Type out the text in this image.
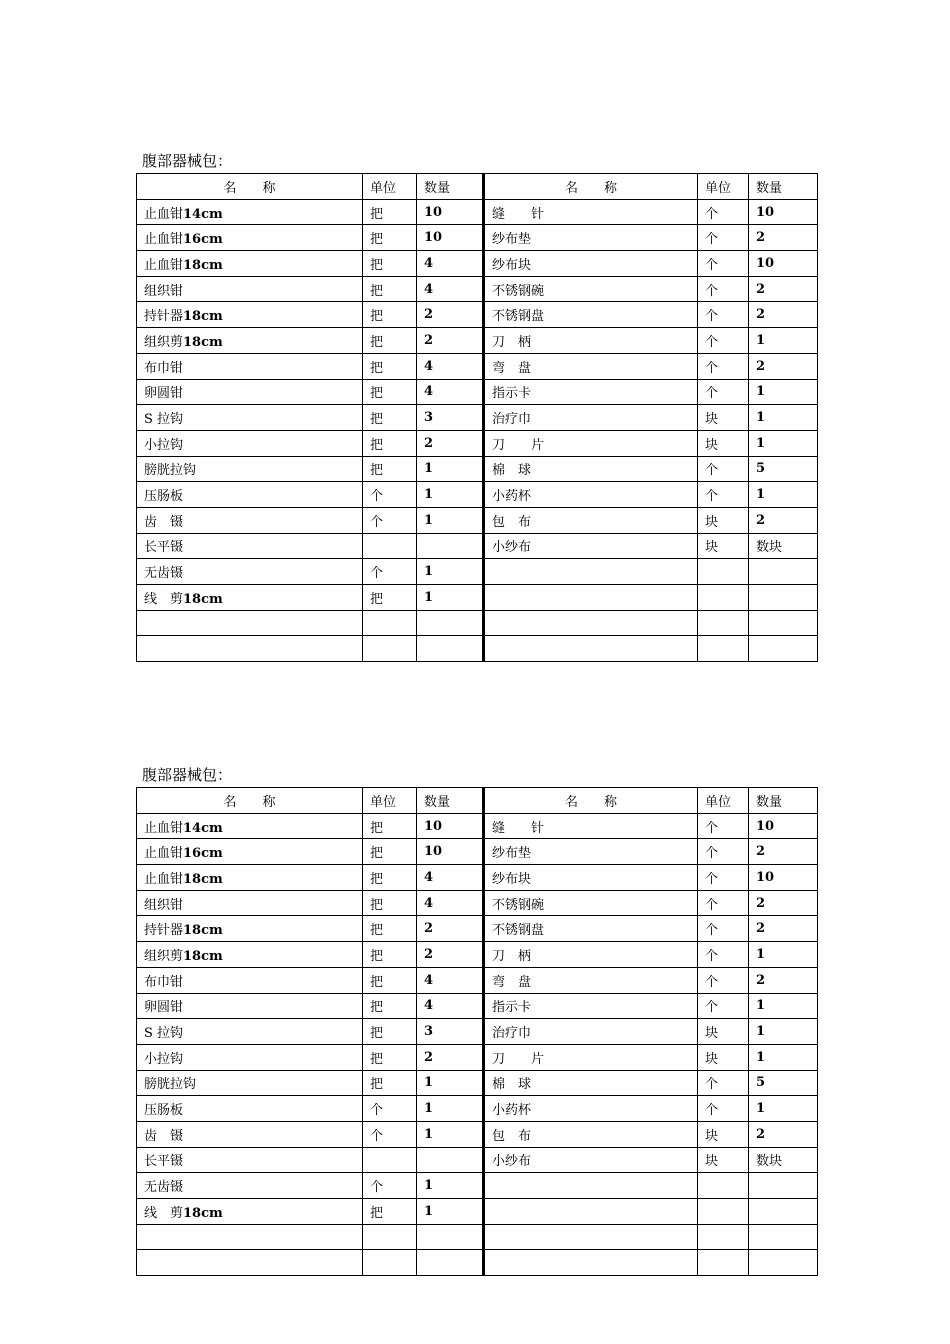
腹部器械包：
名　　称	单位	数量	名　　称	单位	数量
止血钳14cm	把	10	缝　　针	个	10
止血钳16cm	把	10	纱布垫	个	2
止血钳18cm	把	4	纱布块	个	10
组织钳	把	4	不锈钢碗	个	2
持针器18cm	把	2	不锈钢盘	个	2
组织剪18cm	把	2	刀　柄	个	1
布巾钳	把	4	弯　盘	个	2
卵圆钳	把	4	指示卡	个	1
S 拉钩	把	3	治疗巾	块	1
小拉钩	把	2	刀　　片	块	1
膀胱拉钩	把	1	棉　球	个	5
压肠板	个	1	小药杯	个	1
齿　镊	个	1	包　布	块	2
长平镊			小纱布	块	数块
无齿镊	个	1			
线　剪18cm	把	1			

腹部器械包：
名　　称	单位	数量	名　　称	单位	数量
止血钳14cm	把	10	缝　　针	个	10
止血钳16cm	把	10	纱布垫	个	2
止血钳18cm	把	4	纱布块	个	10
组织钳	把	4	不锈钢碗	个	2
持针器18cm	把	2	不锈钢盘	个	2
组织剪18cm	把	2	刀　柄	个	1
布巾钳	把	4	弯　盘	个	2
卵圆钳	把	4	指示卡	个	1
S 拉钩	把	3	治疗巾	块	1
小拉钩	把	2	刀　　片	块	1
膀胱拉钩	把	1	棉　球	个	5
压肠板	个	1	小药杯	个	1
齿　镊	个	1	包　布	块	2
长平镊			小纱布	块	数块
无齿镊	个	1			
线　剪18cm	把	1			
